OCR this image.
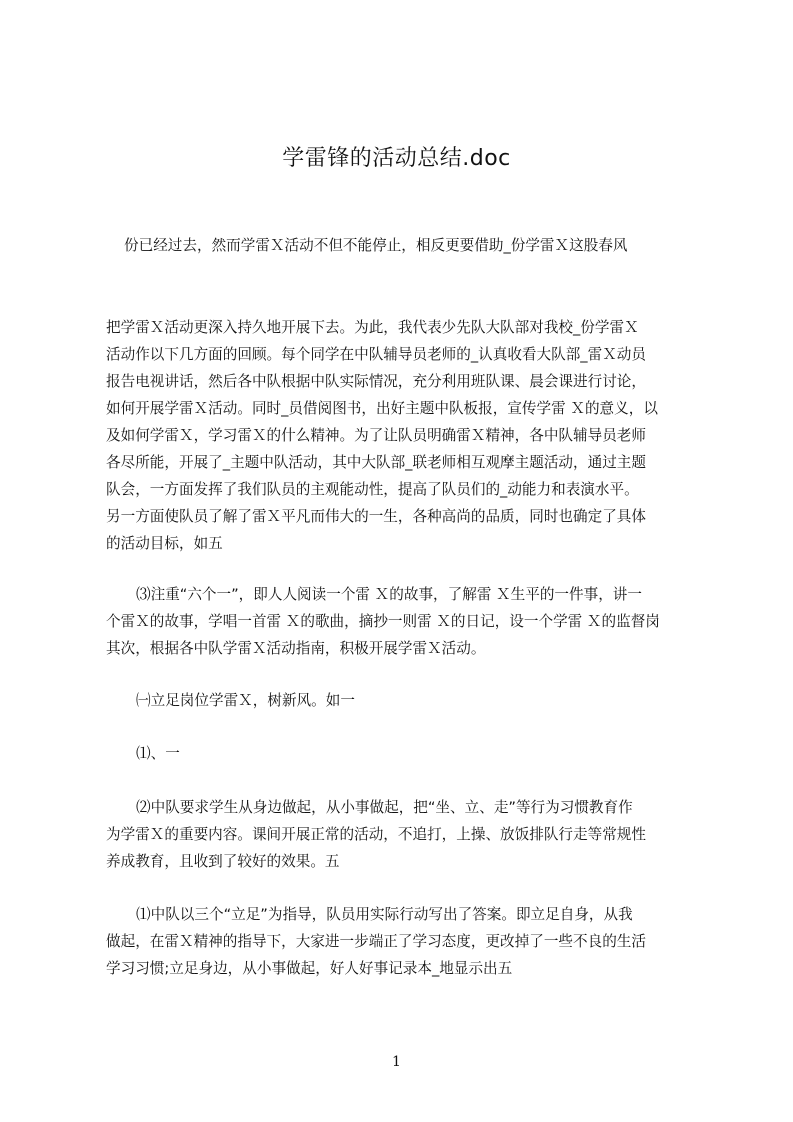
学雷锋的活动总结.doc
份已经过去，然而学雷Ｘ活动不但不能停止，相反更要借助_份学雷Ｘ这股春风
把学雷Ｘ活动更深入持久地开展下去。为此，我代表少先队大队部对我校_份学雷Ｘ
活动作以下几方面的回顾。每个同学在中队辅导员老师的_认真收看大队部_雷Ｘ动员
报告电视讲话，然后各中队根据中队实际情况，充分利用班队课、晨会课进行讨论，
如何开展学雷Ｘ活动。同时_员借阅图书，出好主题中队板报，宣传学雷 Ｘ的意义，以
及如何学雷Ｘ，学习雷Ｘ的什么精神。为了让队员明确雷Ｘ精神，各中队辅导员老师
各尽所能，开展了_主题中队活动，其中大队部_联老师相互观摩主题活动，通过主题
队会，一方面发挥了我们队员的主观能动性，提高了队员们的_动能力和表演水平。
另一方面使队员了解了雷Ｘ平凡而伟大的一生，各种高尚的品质，同时也确定了具体
的活动目标，如五
⑶注重“六个一”，即人人阅读一个雷 Ｘ的故事，了解雷 Ｘ生平的一件事，讲一
个雷Ｘ的故事，学唱一首雷 Ｘ的歌曲，摘抄一则雷 Ｘ的日记，设一个学雷 Ｘ的监督岗
其次，根据各中队学雷Ｘ活动指南，积极开展学雷Ｘ活动。
㈠立足岗位学雷Ｘ，树新风。如一
⑴、一
⑵中队要求学生从身边做起，从小事做起，把“坐、立、走”等行为习惯教育作
为学雷Ｘ的重要内容。课间开展正常的活动，不追打，上操、放饭排队行走等常规性
养成教育，且收到了较好的效果。五
⑴中队以三个“立足”为指导，队员用实际行动写出了答案。即立足自身，从我
做起，在雷Ｘ精神的指导下，大家进一步端正了学习态度，更改掉了一些不良的生活
学习习惯;立足身边，从小事做起，好人好事记录本_地显示出五
1
